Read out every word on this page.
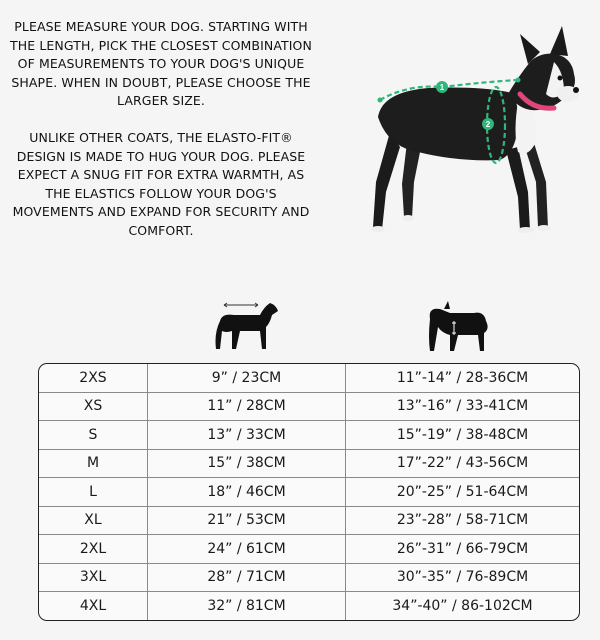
PLEASE MEASURE YOUR DOG. STARTING WITH THE LENGTH, PICK THE CLOSEST COMBINATION OF MEASUREMENTS TO YOUR DOG'S UNIQUE SHAPE. WHEN IN DOUBT, PLEASE CHOOSE THE LARGER SIZE.

UNLIKE OTHER COATS, THE ELASTO-FIT® DESIGN IS MADE TO HUG YOUR DOG. PLEASE EXPECT A SNUG FIT FOR EXTRA WARMTH, AS THE ELASTICS FOLLOW YOUR DOG'S MOVEMENTS AND EXPAND FOR SECURITY AND COMFORT.

1
2
2XS	9” / 23CM	11”-14” / 28-36CM
XS	11” / 28CM	13”-16” / 33-41CM
S	13” / 33CM	15”-19” / 38-48CM
M	15” / 38CM	17”-22” / 43-56CM
L	18” / 46CM	20”-25” / 51-64CM
XL	21” / 53CM	23”-28” / 58-71CM
2XL	24” / 61CM	26”-31” / 66-79CM
3XL	28” / 71CM	30”-35” / 76-89CM
4XL	32” / 81CM	34”-40” / 86-102CM
